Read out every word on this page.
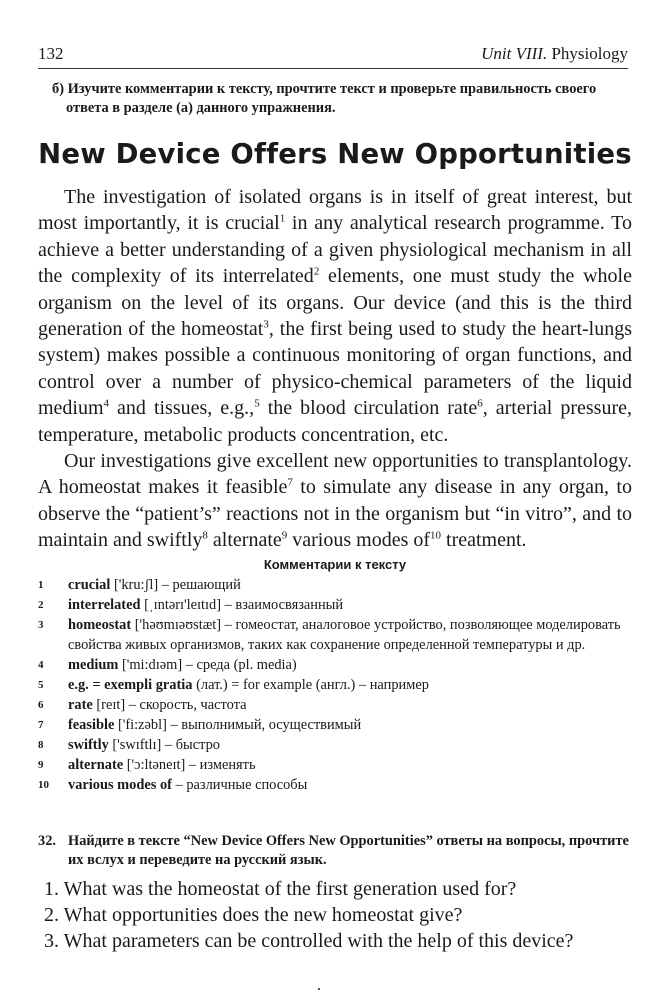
132	Unit VIII. Physiology
б) Изучите комментарии к тексту, прочтите текст и проверьте правильность своего ответа в разделе (а) данного упражнения.
New Device Offers New Opportunities

The investigation of isolated organs is in itself of great interest, but most importantly, it is crucial$^1$ in any analytical research programme. To achieve a better understanding of a given physiological mechanism in all the complexity of its interrelated$^2$ elements, one must study the whole organism on the level of its organs. Our device (and this is the third generation of the homeostat$^3$, the first being used to study the heart-lungs system) makes possible a continuous monitoring of organ functions, and control over a number of physico-chemical parameters of the liquid medium$^4$ and tissues, e.g.,$^5$ the blood circulation rate$^6$, arterial pressure, temperature, metabolic products concentration, etc.

Our investigations give excellent new opportunities to transplantology. A homeostat makes it feasible$^7$ to simulate any disease in any organ, to observe the “patient’s” reactions not in the organism but “in vitro”, and to maintain and swiftly$^8$ alternate$^9$ various modes $of^{10}$ treatment.

Комментарии к тексту
1 crucial ['kru:ʃl] – решающий
2 interrelated [ˌɪntərɪ'leɪtɪd] – взаимосвязанный
3 homeostat ['həʊmɪəʊstæt] – гомеостат, аналоговое устройство, позволяющее моделировать свойства живых организмов, таких как сохранение определенной температуры и др.
4 medium ['mi:dɪəm] – среда (pl. media)
5 e.g. = exempli gratia (лат.) = for example (англ.) – например
6 rate [reɪt] – скорость, частота
7 feasible ['fi:zəbl] – выполнимый, осуществимый
8 swiftly ['swɪftlɪ] – быстро
9 alternate ['ɔ:ltəneɪt] – изменять
10 various modes of – различные способы
32. Найдите в тексте “New Device Offers New Opportunities” ответы на вопросы, прочтите их вслух и переведите на русский язык.
1. What was the homeostat of the first generation used for?
2. What opportunities does the new homeostat give?
3. What parameters can be controlled with the help of this device?
